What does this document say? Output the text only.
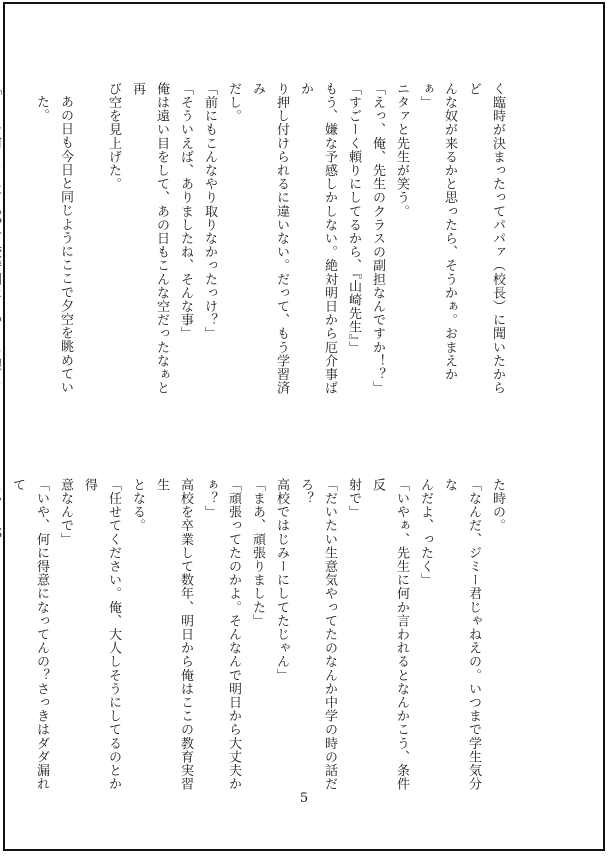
く臨時が決まったってパパァ（校長）に聞いたからど

んな奴が来るかと思ったら、そうかぁ。おまえかぁ」

ニタァと先生が笑う。

「えっ、俺、先生のクラスの副担なんですか！？」

「すごーく頼りにしてるから、『山崎先生』」

もう、嫌な予感しかしない。絶対明日から厄介事ばか

り押し付けられるに違いない。だって、もう学習済み

だし。

「前にもこんなやり取りなかったっけ？」

「そういえば、ありましたね、そんな事」

俺は遠い目をして、あの日もこんな空だったなぁと再

び空を見上げた。

あの日も今日と同じようにここで夕空を眺めていた。

た時の。

「なんだ、ジミー君じゃねえの。いつまで学生気分な

んだよ、ったく」

「いやぁ、先生に何か言われるとなんかこう、条件反

射で」

「だいたい生意気やってたのなんか中学の時の話だろ？

高校ではじみーにしてたじゃん」

「まあ、頑張りました」

「頑張ってたのかよ。そんなんで明日から大丈夫かぁ？」

高校を卒業して数年、明日から俺はここの教育実習生

となる。

「任せてください。俺、大人しそうにしてるのとか得

意なんで」

「いや、何に得意になってんの？さっきはダダ漏れて

5
